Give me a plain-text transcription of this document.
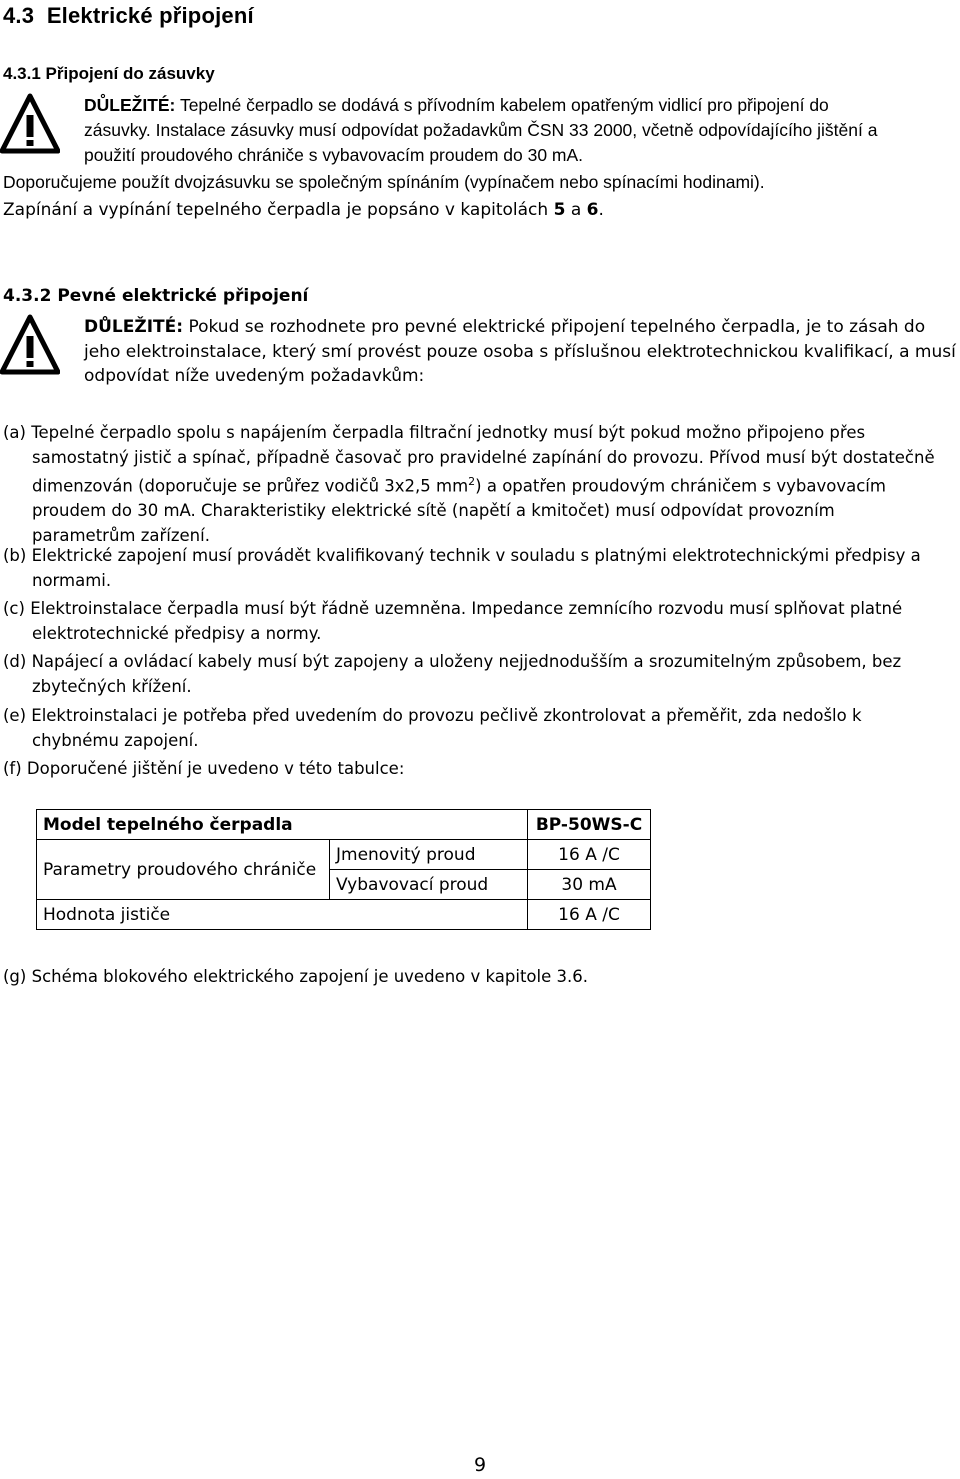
4.3 Elektrické připojení
4.3.1 Připojení do zásuvky
DŮLEŽITÉ: Tepelné čerpadlo se dodává s přívodním kabelem opatřeným vidlicí pro připojení do
zásuvky. Instalace zásuvky musí odpovídat požadavkům ČSN 33 2000, včetně odpovídajícího jištění a
použití proudového chrániče s vybavovacím proudem do 30 mA.
Doporučujeme použít dvojzásuvku se společným spínáním (vypínačem nebo spínacími hodinami).
Zapínání a vypínání tepelného čerpadla je popsáno v kapitolách 5 a 6.
4.3.2 Pevné elektrické připojení
DŮLEŽITÉ: Pokud se rozhodnete pro pevné elektrické připojení tepelného čerpadla, je to zásah do
jeho elektroinstalace, který smí provést pouze osoba s příslušnou elektrotechnickou kvalifikací, a musí
odpovídat níže uvedeným požadavkům:
(a) Tepelné čerpadlo spolu s napájením čerpadla filtrační jednotky musí být pokud možno připojeno přes
samostatný jistič a spínač, případně časovač pro pravidelné zapínání do provozu. Přívod musí být dostatečně
dimenzován (doporučuje se průřez vodičů 3x2,5 $mm^2$) a opatřen proudovým chráničem s vybavovacím
proudem do 30 mA. Charakteristiky elektrické sítě (napětí a kmitočet) musí odpovídat provozním
parametrům zařízení.
(b) Elektrické zapojení musí provádět kvalifikovaný technik v souladu s platnými elektrotechnickými předpisy a
normami.
(c) Elektroinstalace čerpadla musí být řádně uzemněna. Impedance zemnícího rozvodu musí splňovat platné
elektrotechnické předpisy a normy.
(d) Napájecí a ovládací kabely musí být zapojeny a uloženy nejjednodušším a srozumitelným způsobem, bez
zbytečných křížení.
(e) Elektroinstalaci je potřeba před uvedením do provozu pečlivě zkontrolovat a přeměřit, zda nedošlo k
chybnému zapojení.
(f) Doporučené jištění je uvedeno v této tabulce:
Model tepelného čerpadla		BP-50WS-C
Parametry proudového chrániče	Jmenovitý proud	16 A /C
	Vybavovací proud	30 mA
Hodnota jističe		16 A /C
(g) Schéma blokového elektrického zapojení je uvedeno v kapitole 3.6.
9
